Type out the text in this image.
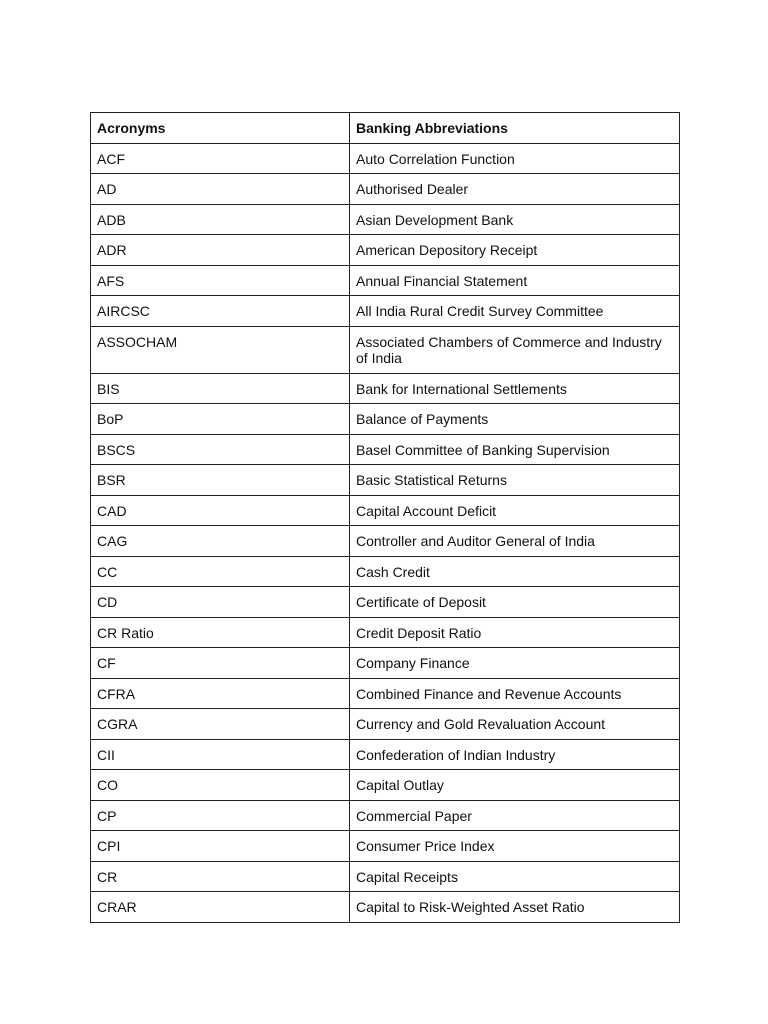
Acronyms	Banking Abbreviations
ACF	Auto Correlation Function
AD	Authorised Dealer
ADB	Asian Development Bank
ADR	American Depository Receipt
AFS	Annual Financial Statement
AIRCSC	All India Rural Credit Survey Committee
ASSOCHAM	Associated Chambers of Commerce and Industry of India
BIS	Bank for International Settlements
BoP	Balance of Payments
BSCS	Basel Committee of Banking Supervision
BSR	Basic Statistical Returns
CAD	Capital Account Deficit
CAG	Controller and Auditor General of India
CC	Cash Credit
CD	Certificate of Deposit
CR Ratio	Credit Deposit Ratio
CF	Company Finance
CFRA	Combined Finance and Revenue Accounts
CGRA	Currency and Gold Revaluation Account
CII	Confederation of Indian Industry
CO	Capital Outlay
CP	Commercial Paper
CPI	Consumer Price Index
CR	Capital Receipts
CRAR	Capital to Risk-Weighted Asset Ratio
